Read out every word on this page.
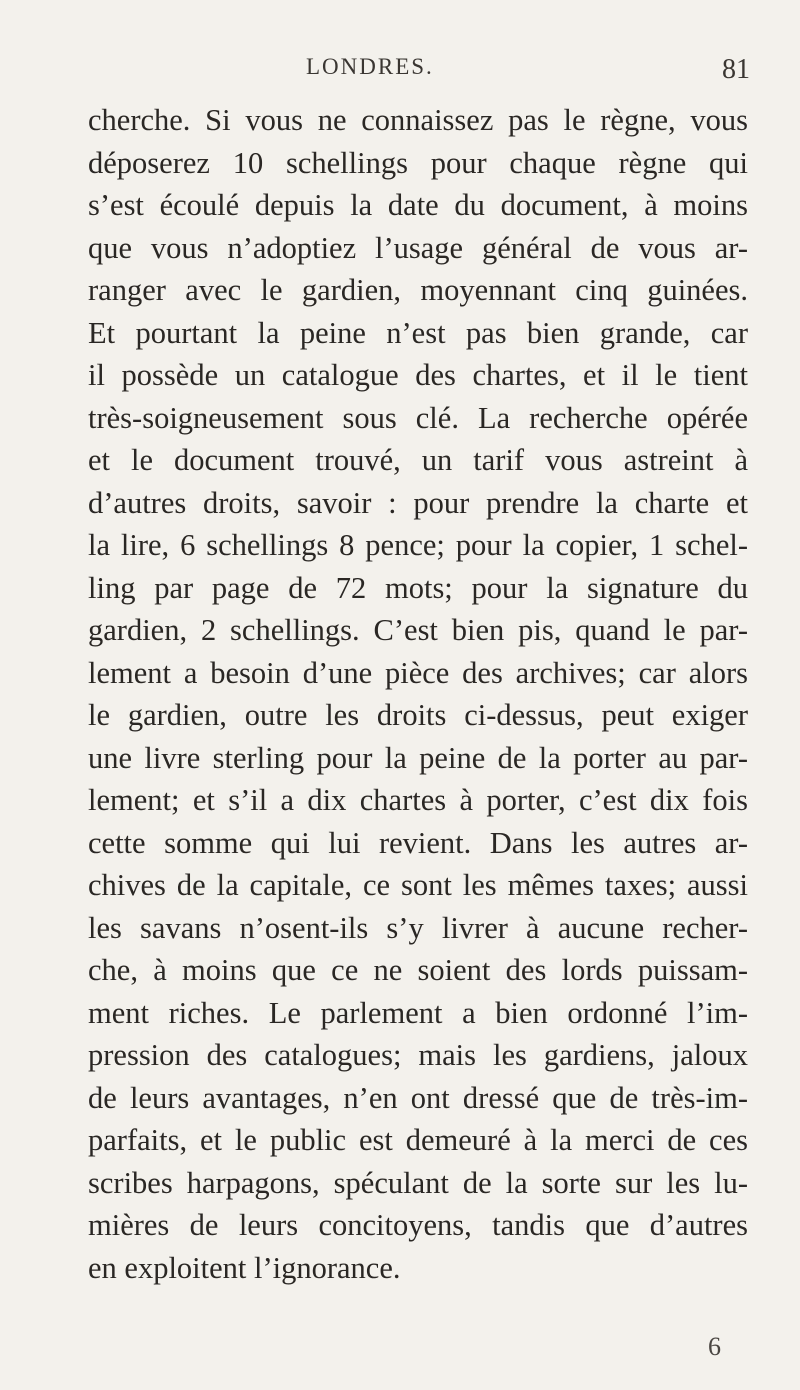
LONDRES.	81
cherche. Si vous ne connaissez pas le règne, vous
déposerez 10 schellings pour chaque règne qui
s’est écoulé depuis la date du document, à moins
que vous n’adoptiez l’usage général de vous ar-
ranger avec le gardien, moyennant cinq guinées.
Et pourtant la peine n’est pas bien grande, car
il possède un catalogue des chartes, et il le tient
très-soigneusement sous clé. La recherche opérée
et le document trouvé, un tarif vous astreint à
d’autres droits, savoir : pour prendre la charte et
la lire, 6 schellings 8 pence; pour la copier, 1 schel-
ling par page de 72 mots; pour la signature du
gardien, 2 schellings. C’est bien pis, quand le par-
lement a besoin d’une pièce des archives; car alors
le gardien, outre les droits ci-dessus, peut exiger
une livre sterling pour la peine de la porter au par-
lement; et s’il a dix chartes à porter, c’est dix fois
cette somme qui lui revient. Dans les autres ar-
chives de la capitale, ce sont les mêmes taxes; aussi
les savans n’osent-ils s’y livrer à aucune recher-
che, à moins que ce ne soient des lords puissam-
ment riches. Le parlement a bien ordonné l’im-
pression des catalogues; mais les gardiens, jaloux
de leurs avantages, n’en ont dressé que de très-im-
parfaits, et le public est demeuré à la merci de ces
scribes harpagons, spéculant de la sorte sur les lu-
mières de leurs concitoyens, tandis que d’autres
en exploitent l’ignorance.
6
